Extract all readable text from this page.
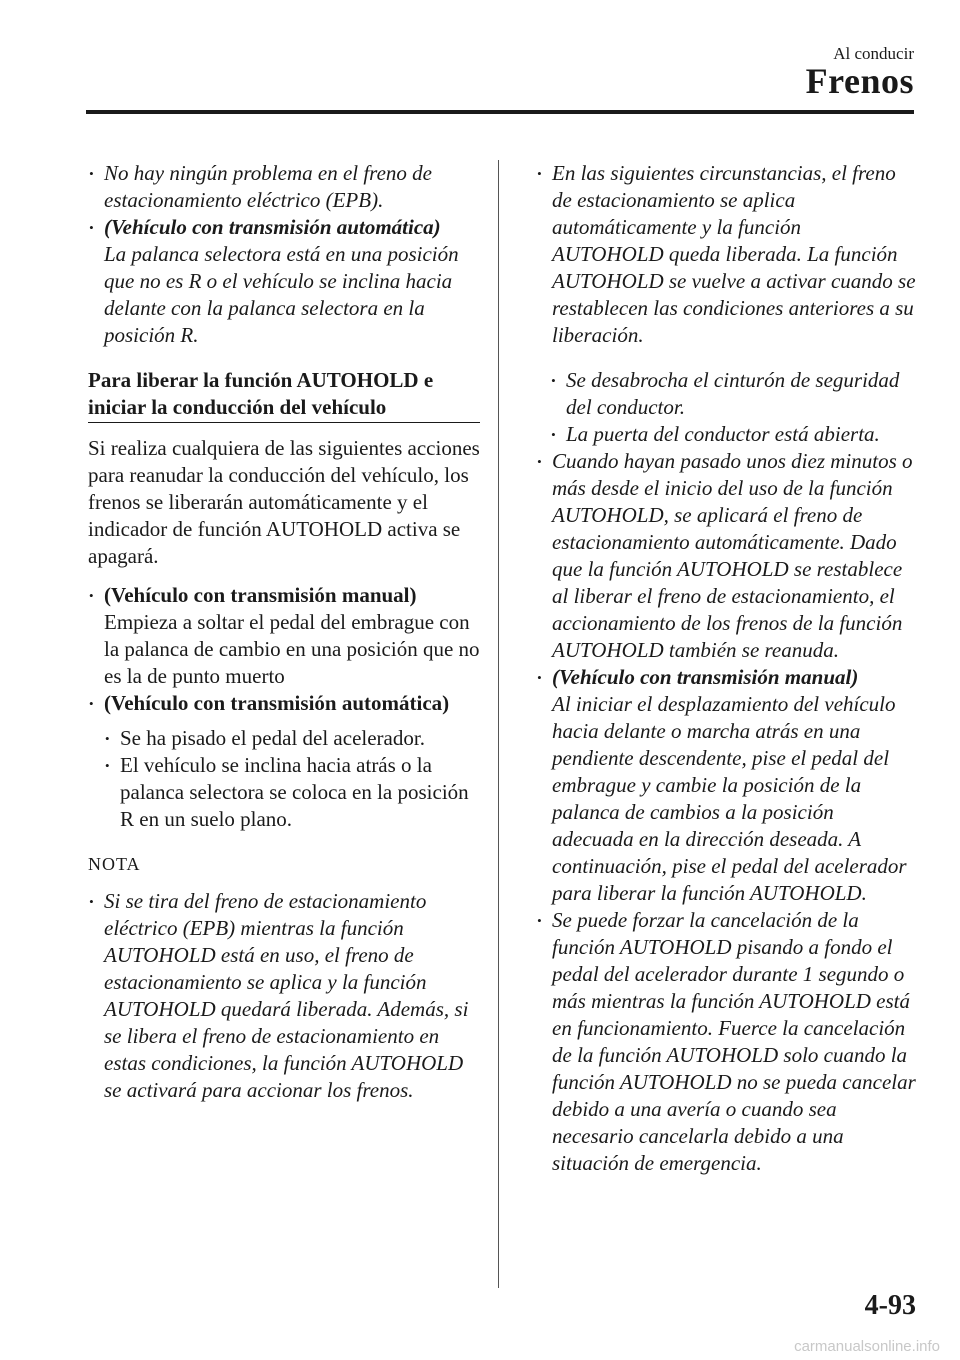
Al conducir
Frenos

• No hay ningún problema en el freno de estacionamiento eléctrico (EPB).

• (Vehículo con transmisión automática)
La palanca selectora está en una posición que no es R o el vehículo se inclina hacia delante con la palanca selectora en la posición R.
Para liberar la función AUTOHOLD e iniciar la conducción del vehículo

Si realiza cualquiera de las siguientes acciones para reanudar la conducción del vehículo, los frenos se liberarán automáticamente y el indicador de función AUTOHOLD activa se apagará.

• (Vehículo con transmisión manual)
Empieza a soltar el pedal del embrague con la palanca de cambio en una posición que no es la de punto muerto
• (Vehículo con transmisión automática)

• Se ha pisado el pedal del acelerador.

• El vehículo se inclina hacia atrás o la palanca selectora se coloca en la posición R en un suelo plano.

NOTA

• Si se tira del freno de estacionamiento eléctrico (EPB) mientras la función AUTOHOLD está en uso, el freno de estacionamiento se aplica y la función AUTOHOLD quedará liberada. Además, si se libera el freno de estacionamiento en estas condiciones, la función AUTOHOLD se activará para accionar los frenos.

• En las siguientes circunstancias, el freno de estacionamiento se aplica automáticamente y la función AUTOHOLD queda liberada. La función AUTOHOLD se vuelve a activar cuando se restablecen las condiciones anteriores a su liberación.

• Se desabrocha el cinturón de seguridad del conductor.

• La puerta del conductor está abierta.

• Cuando hayan pasado unos diez minutos o más desde el inicio del uso de la función AUTOHOLD, se aplicará el freno de estacionamiento automáticamente. Dado que la función AUTOHOLD se restablece al liberar el freno de estacionamiento, el accionamiento de los frenos de la función AUTOHOLD también se reanuda.

• (Vehículo con transmisión manual)
Al iniciar el desplazamiento del vehículo hacia delante o marcha atrás en una pendiente descendente, pise el pedal del embrague y cambie la posición de la palanca de cambios a la posición adecuada en la dirección deseada. A continuación, pise el pedal del acelerador para liberar la función AUTOHOLD.

• Se puede forzar la cancelación de la función AUTOHOLD pisando a fondo el pedal del acelerador durante 1 segundo o más mientras la función AUTOHOLD está en funcionamiento. Fuerce la cancelación de la función AUTOHOLD solo cuando la función AUTOHOLD no se pueda cancelar debido a una avería o cuando sea necesario cancelarla debido a una situación de emergencia.

4-93
carmanualsonline.info
